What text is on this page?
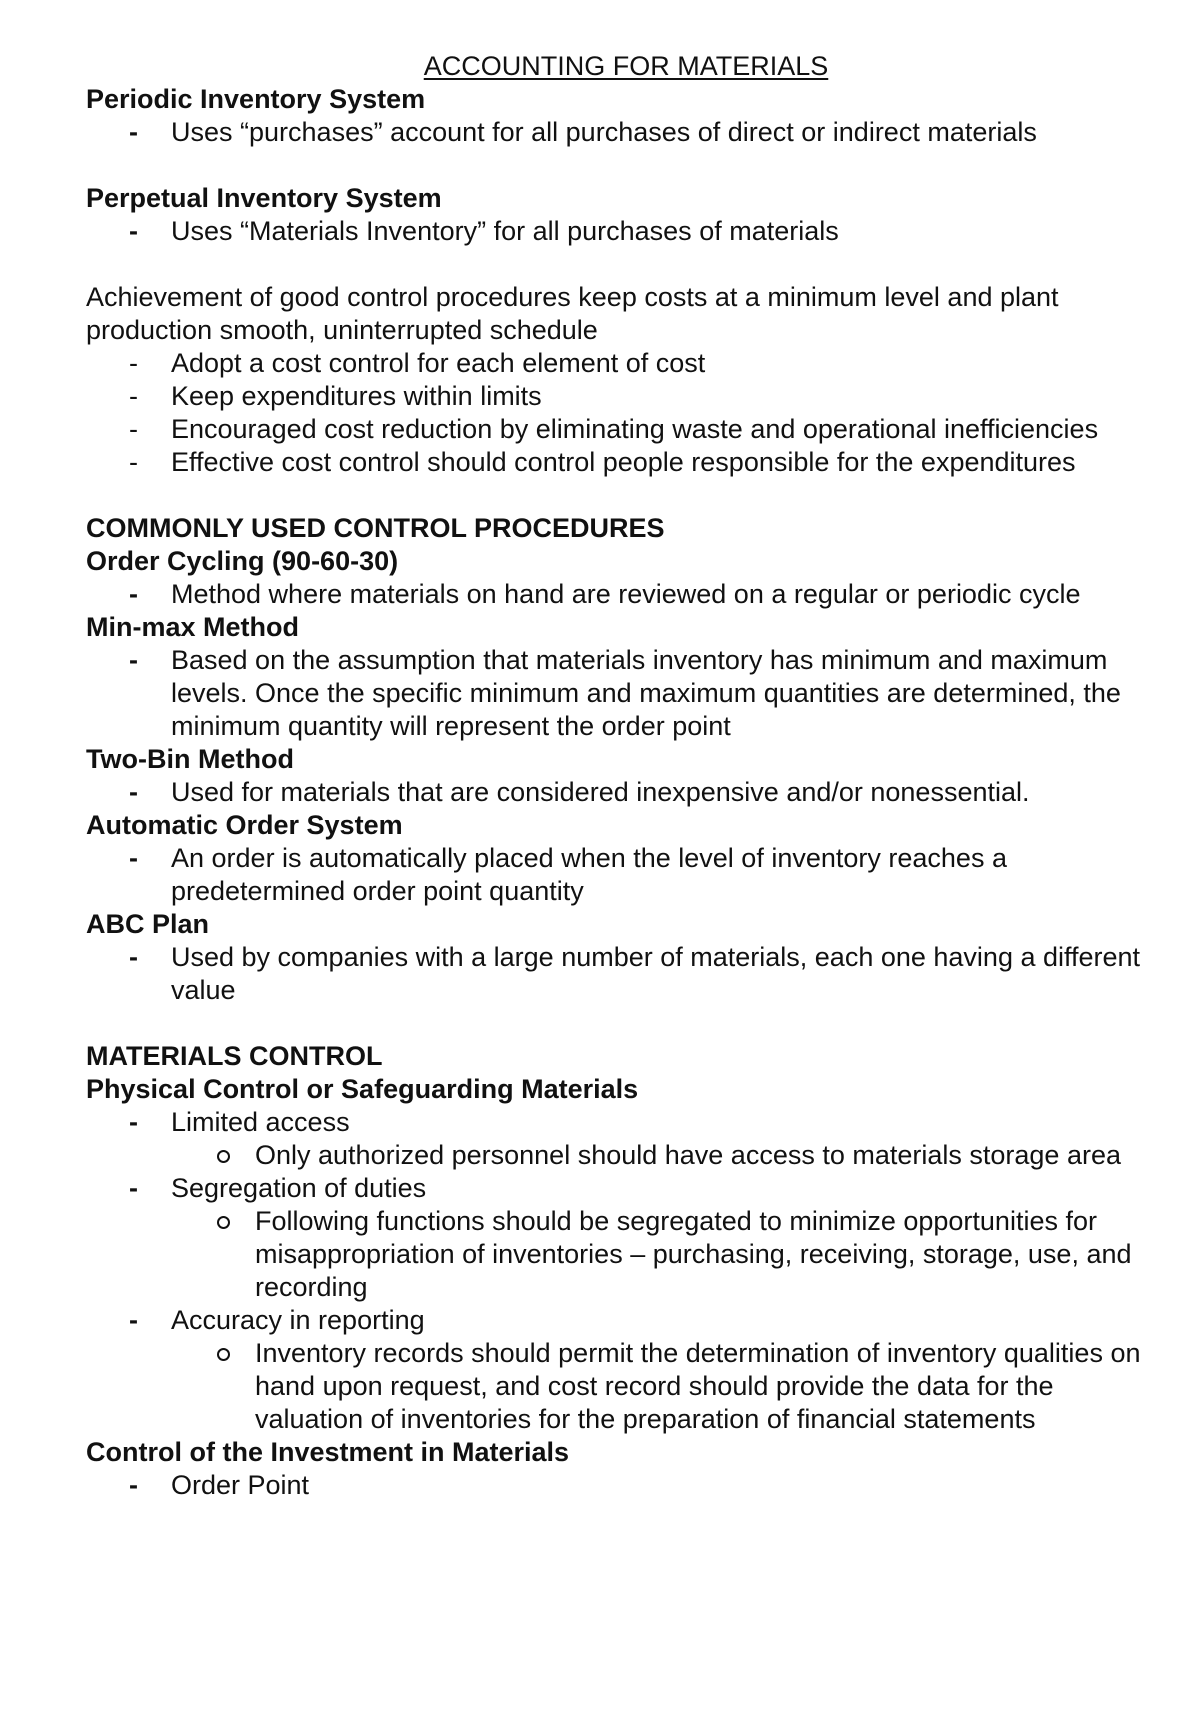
ACCOUNTING FOR MATERIALS
Periodic Inventory System
- Uses “purchases” account for all purchases of direct or indirect materials
Perpetual Inventory System
- Uses “Materials Inventory” for all purchases of materials

Achievement of good control procedures keep costs at a minimum level and plant production smooth, uninterrupted schedule

- Adopt a cost control for each element of cost
- Keep expenditures within limits
- Encouraged cost reduction by eliminating waste and operational inefficiencies
- Effective cost control should control people responsible for the expenditures
COMMONLY USED CONTROL PROCEDURES
Order Cycling (90-60-30)
- Method where materials on hand are reviewed on a regular or periodic cycle
Min-max Method
- Based on the assumption that materials inventory has minimum and maximum levels. Once the specific minimum and maximum quantities are determined, the minimum quantity will represent the order point
Two-Bin Method
- Used for materials that are considered inexpensive and/or nonessential.
Automatic Order System
- An order is automatically placed when the level of inventory reaches a predetermined order point quantity
ABC Plan
- Used by companies with a large number of materials, each one having a different value
MATERIALS CONTROL
Physical Control or Safeguarding Materials
- Limited access
Only authorized personnel should have access to materials storage area
- Segregation of duties
Following functions should be segregated to minimize opportunities for misappropriation of inventories – purchasing, receiving, storage, use, and recording
- Accuracy in reporting
Inventory records should permit the determination of inventory qualities on hand upon request, and cost record should provide the data for the valuation of inventories for the preparation of financial statements
Control of the Investment in Materials
- Order Point
